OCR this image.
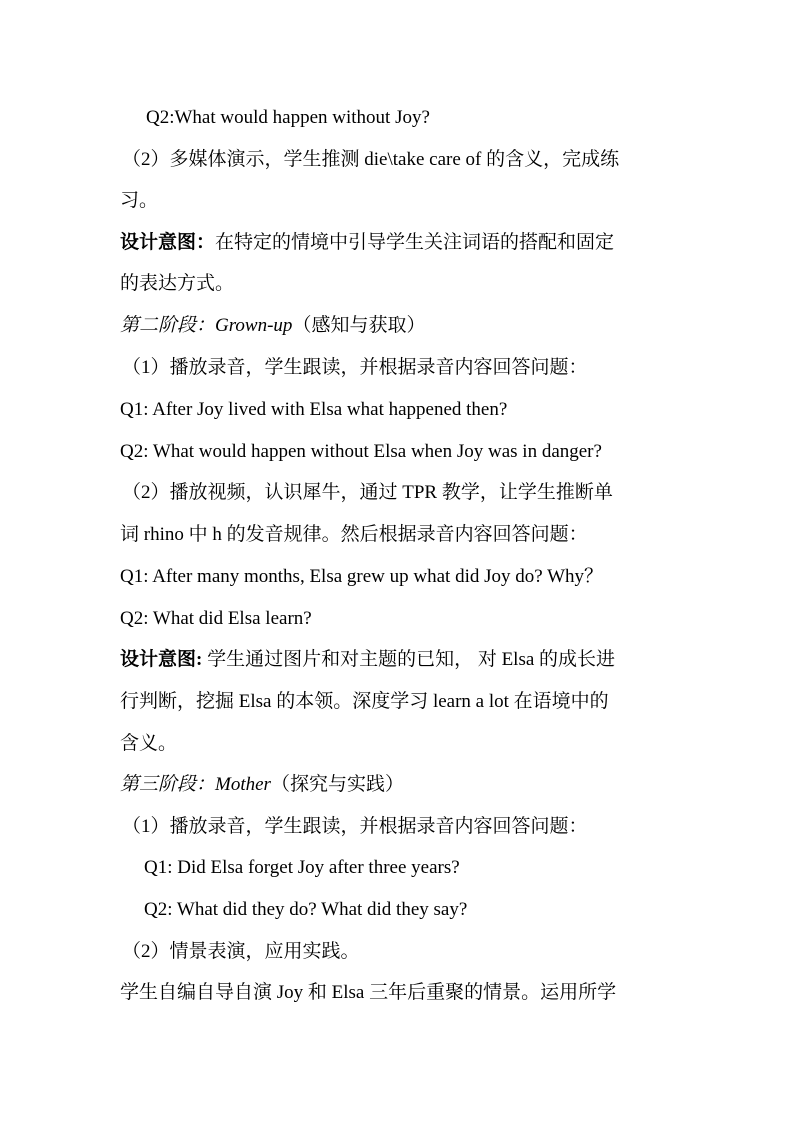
Q2:What would happen without Joy?
（2）多媒体演示，学生推测 die\take care of 的含义，完成练
习。
设计意图：在特定的情境中引导学生关注词语的搭配和固定
的表达方式。
第二阶段：Grown-up（感知与获取）
（1）播放录音，学生跟读，并根据录音内容回答问题：
Q1: After Joy lived with Elsa what happened then?
Q2: What would happen without Elsa when Joy was in danger?
（2）播放视频，认识犀牛，通过 TPR 教学，让学生推断单
词 rhino 中 h 的发音规律。然后根据录音内容回答问题：
Q1: After many months, Elsa grew up what did Joy do? Why？
Q2: What did Elsa learn?
设计意图: 学生通过图片和对主题的已知， 对 Elsa 的成长进
行判断，挖掘 Elsa 的本领。深度学习 learn a lot 在语境中的
含义。
第三阶段：Mother（探究与实践）
（1）播放录音，学生跟读，并根据录音内容回答问题：
Q1: Did Elsa forget Joy after three years?
Q2: What did they do? What did they say?
（2）情景表演，应用实践。
学生自编自导自演 Joy 和 Elsa 三年后重聚的情景。运用所学
